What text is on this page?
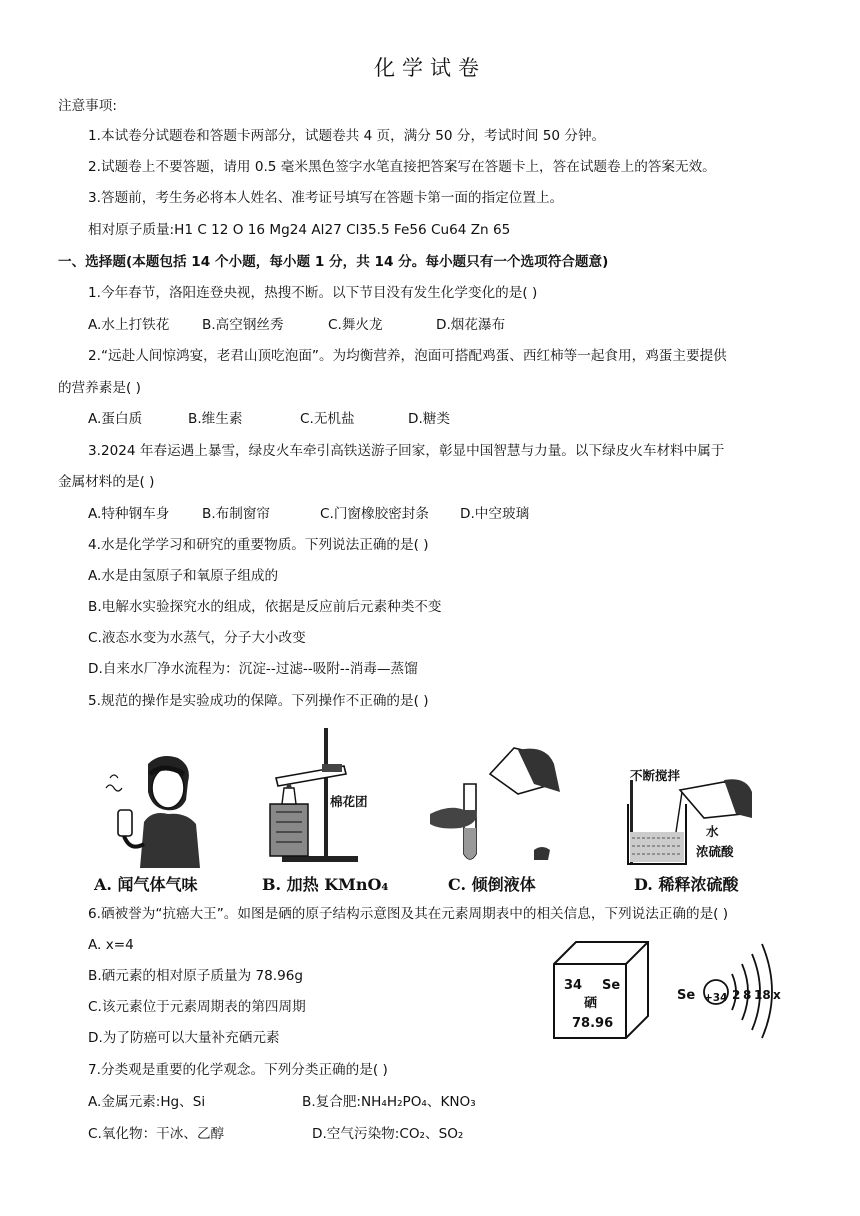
化学试卷
注意事项:
1.本试卷分试题卷和答题卡两部分，试题卷共 4 页，满分 50 分，考试时间 50 分钟。
2.试题卷上不要答题，请用 0.5 毫米黑色签字水笔直接把答案写在答题卡上，答在试题卷上的答案无效。
3.答题前，考生务必将本人姓名、准考证号填写在答题卡第一面的指定位置上。
相对原子质量:H1 C 12 O 16 Mg24 Al27 Cl35.5 Fe56 Cu64 Zn 65
一、选择题(本题包括 14 个小题，每小题 1 分，共 14 分。每小题只有一个选项符合题意)
1.今年春节，洛阳连登央视，热搜不断。以下节目没有发生化学变化的是( )
A.水上打铁花 B.高空钢丝秀	C.舞火龙	D.烟花瀑布
2.“远赴人间惊鸿宴，老君山顶吃泡面”。为均衡营养，泡面可搭配鸡蛋、西红柿等一起食用，鸡蛋主要提供
的营养素是( )
A.蛋白质	B.维生素	C.无机盐	D.糖类
3.2024 年春运遇上暴雪，绿皮火车牵引高铁送游子回家，彰显中国智慧与力量。以下绿皮火车材料中属于
金属材料的是( )
A.特种钢车身 B.布制窗帘	C.门窗橡胶密封条 D.中空玻璃
4.水是化学学习和研究的重要物质。下列说法正确的是( )
A.水是由氢原子和氧原子组成的
B.电解水实验探究水的组成，依据是反应前后元素种类不变
C.液态水变为水蒸气，分子大小改变
D.自来水厂净水流程为：沉淀--过滤--吸附--消毒—蒸馏
5.规范的操作是实验成功的保障。下列操作不正确的是( )
A. 闻气体气味
棉花团
B. 加热 KMnO₄	C. 倾倒液体
不断搅拌
水
浓硫酸
D. 稀释浓硫酸
6.硒被誉为“抗癌大王”。如图是硒的原子结构示意图及其在元素周期表中的相关信息，下列说法正确的是( )
A. x=4
B.硒元素的相对原子质量为 78.96g
C.该元素位于元素周期表的第四周期
D.为了防癌可以大量补充硒元素
34 Se
硒
78.96
Se +34 2 8 18 x
7.分类观是重要的化学观念。下列分类正确的是( )
A.金属元素:Hg、Si	B.复合肥:NH₄H₂PO₄、KNO₃
C.氧化物：干冰、乙醇	D.空气污染物:CO₂、SO₂
